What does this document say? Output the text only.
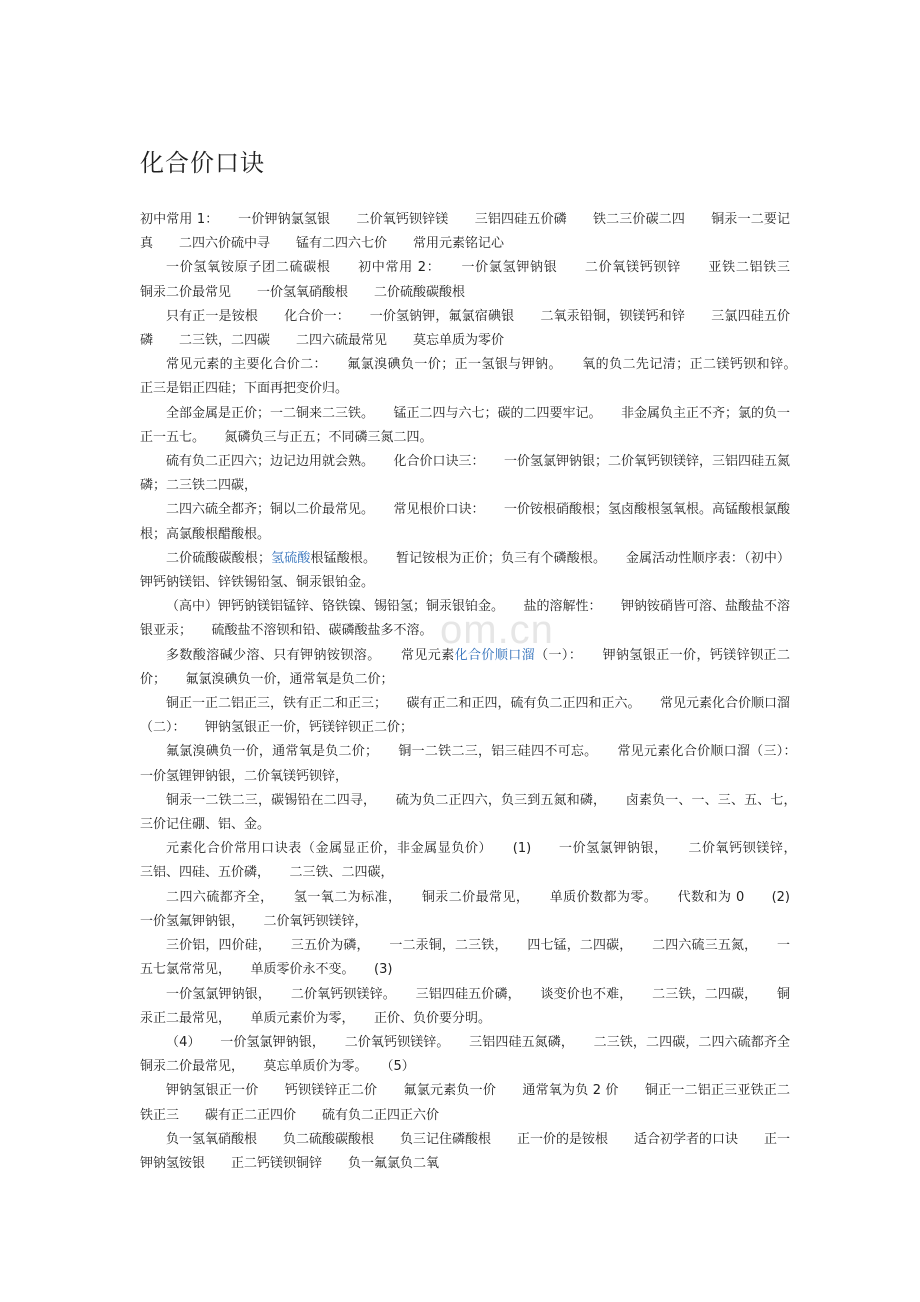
化合价口诀

初中常用 1：　　一价钾钠氯氢银　　二价氧钙钡锌镁　　三铝四硅五价磷　　铁二三价碳二四　　铜汞一二要记真　　二四六价硫中寻　　锰有二四六七价　　常用元素铭记心

一价氢氧铵原子团二硫碳根　　初中常用 2：　　一价氯氢钾钠银　　二价氧镁钙钡锌　　亚铁二铝铁三　　铜汞二价最常见　　一价氢氧硝酸根　　二价硫酸碳酸根

只有正一是铵根　　化合价一：　　一价氢钠钾，氟氯宿碘银　　二氧汞铅铜，钡镁钙和锌　　三氯四硅五价磷　　二三铁，二四碳　　二四六硫最常见　　莫忘单质为零价

常见元素的主要化合价二：　　氟氯溴碘负一价；正一氢银与钾钠。　　氧的负二先记清；正二镁钙钡和锌。　　正三是铝正四硅；下面再把变价归。

全部金属是正价；一二铜来二三铁。　　锰正二四与六七；碳的二四要牢记。　　非金属负主正不齐；氯的负一正一五七。　　氮磷负三与正五；不同磷三氮二四。

硫有负二正四六；边记边用就会熟。　　化合价口诀三：　　一价氢氯钾钠银；二价氧钙钡镁锌，三铝四硅五氮磷；二三铁二四碳，

二四六硫全都齐；铜以二价最常见。　　常见根价口诀：　　一价铵根硝酸根；氢卤酸根氢氧根。高锰酸根氯酸根；高氯酸根醋酸根。

二价硫酸碳酸根；氢硫酸根锰酸根。　　暂记铵根为正价；负三有个磷酸根。　　金属活动性顺序表：（初中）钾钙钠镁铝、锌铁锡铅氢、铜汞银铂金。

（高中）钾钙钠镁铝锰锌、铬铁镍、锡铅氢；铜汞银铂金。　　盐的溶解性：　　钾钠铵硝皆可溶、盐酸盐不溶银亚汞；　　硫酸盐不溶钡和铅、碳磷酸盐多不溶。

多数酸溶碱少溶、只有钾钠铵钡溶。　　常见元素化合价顺口溜（一）：　　钾钠氢银正一价，钙镁锌钡正二价；　　氟氯溴碘负一价，通常氧是负二价；

铜正一正二铝正三，铁有正二和正三；　　碳有正二和正四，硫有负二正四和正六。　　常见元素化合价顺口溜（二）：　　钾钠氢银正一价，钙镁锌钡正二价；

氟氯溴碘负一价，通常氧是负二价；　　铜一二铁二三，铝三硅四不可忘。　　常见元素化合价顺口溜（三）：　　一价氢锂钾钠银，二价氧镁钙钡锌，

铜汞一二铁二三，碳锡铅在二四寻，　　硫为负二正四六，负三到五氮和磷，　　卤素负一、一、三、五、七，　　三价记住硼、铝、金。

元素化合价常用口诀表（金属显正价，非金属显负价）　　(1)　　一价氢氯钾钠银，　　二价氧钙钡镁锌，　　三铝、四硅、五价磷，　　二三铁、二四碳，

二四六硫都齐全，　　氢一氧二为标准，　　铜汞二价最常见，　　单质价数都为零。　　代数和为 0　　(2)　　一价氢氟钾钠银，　　二价氧钙钡镁锌，

三价铝，四价硅，　　三五价为磷，　　一二汞铜，二三铁，　　四七锰，二四碳，　　二四六硫三五氮，　　一五七氯常常见，　　单质零价永不变。　　(3)

一价氢氯钾钠银，　　二价氧钙钡镁锌。　　三铝四硅五价磷，　　谈变价也不难，　　二三铁，二四碳，　　铜汞正二最常见，　　单质元素价为零，　　正价、负价要分明。

（4）　　一价氢氯钾钠银，　　二价氧钙钡镁锌。　　三铝四硅五氮磷，　　二三铁，二四碳，二四六硫都齐全　　铜汞二价最常见，　　莫忘单质价为零。　　（5）

钾钠氢银正一价　　钙钡镁锌正二价　　氟氯元素负一价　　通常氧为负 2 价　　铜正一二铝正三亚铁正二铁正三　　碳有正二正四价　　硫有负二正四正六价

负一氢氧硝酸根　　负二硫酸碳酸根　　负三记住磷酸根　　正一价的是铵根　　适合初学者的口诀　　正一钾钠氢铵银　　正二钙镁钡铜锌　　负一氟氯负二氧

om.cn
